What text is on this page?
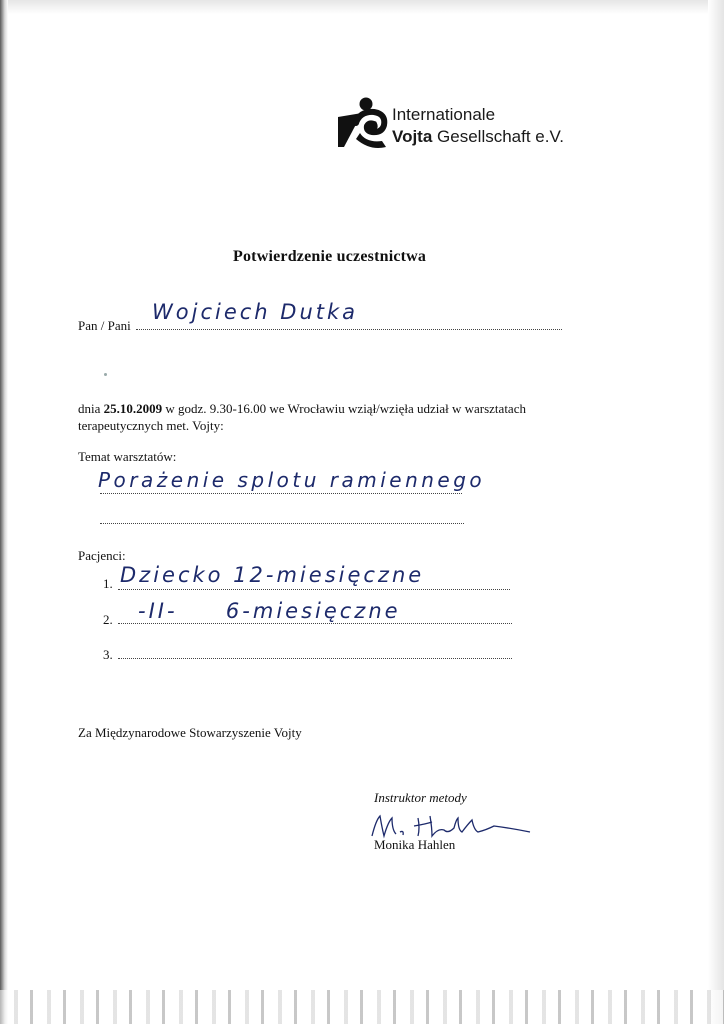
Internationale
Vojta Gesellschaft e.V.
Potwierdzenie uczestnictwa
Pan / Pani
Wojciech Dutka
dnia 25.10.2009 w godz. 9.30-16.00 we Wrocławiu wziął/wzięła udział w warsztatach
terapeutycznych met. Vojty:
Temat warsztatów:
Porażenie splotu ramiennego
Pacjenci:
1. Dziecko 12-miesięczne
2. -II-     6-miesięczne
3.
Za Międzynarodowe Stowarzyszenie Vojty
Instruktor metody
Monika Hahlen
